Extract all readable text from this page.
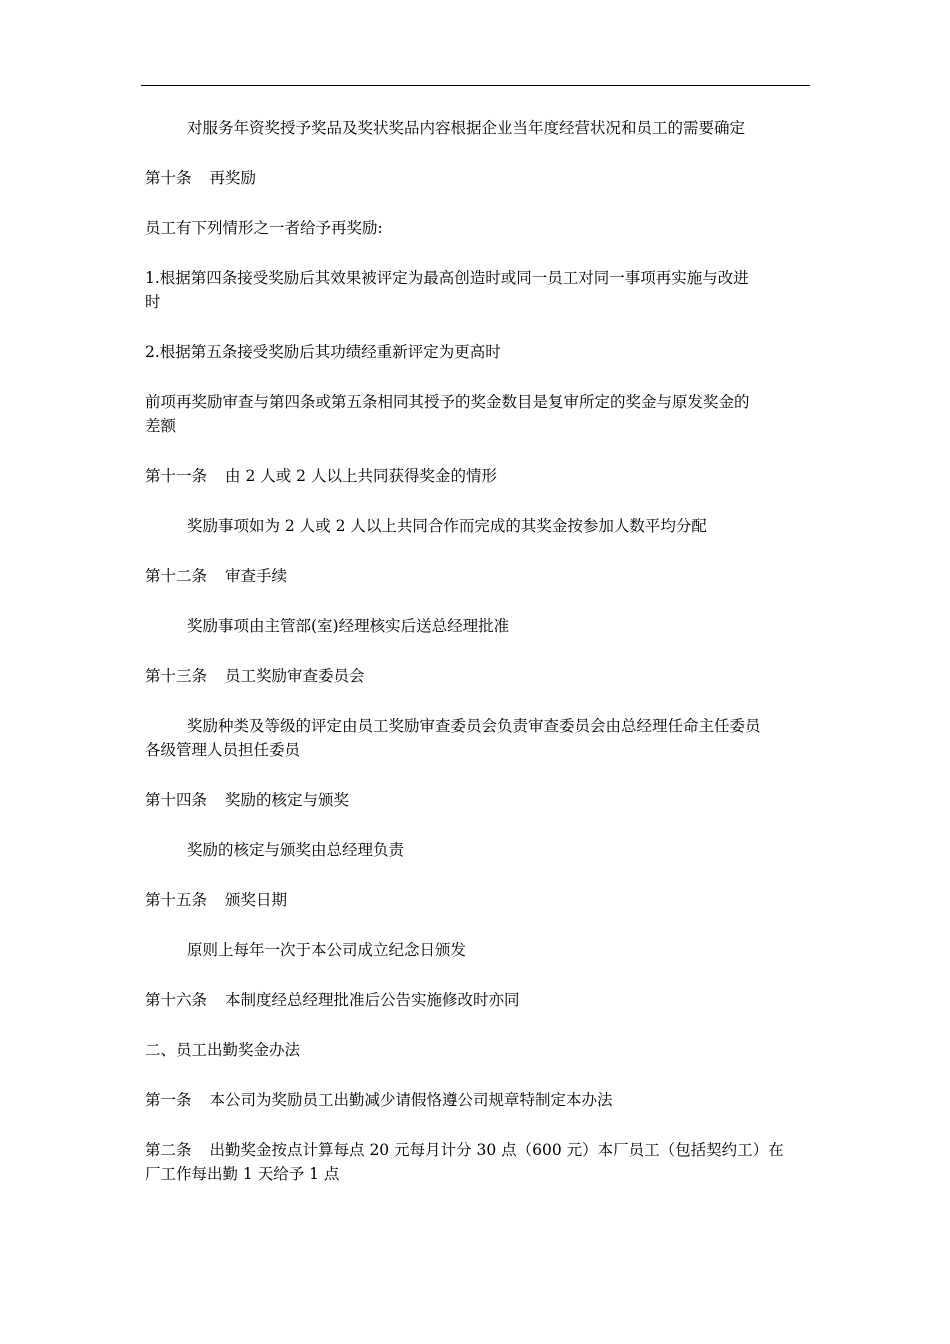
对服务年资奖授予奖品及奖状奖品内容根据企业当年度经营状况和员工的需要确定
第十条 再奖励
员工有下列情形之一者给予再奖励:
1.根据第四条接受奖励后其效果被评定为最高创造时或同一员工对同一事项再实施与改进
时
2.根据第五条接受奖励后其功绩经重新评定为更高时
前项再奖励审查与第四条或第五条相同其授予的奖金数目是复审所定的奖金与原发奖金的
差额
第十一条 由 2 人或 2 人以上共同获得奖金的情形
奖励事项如为 2 人或 2 人以上共同合作而完成的其奖金按参加人数平均分配
第十二条 审查手续
奖励事项由主管部(室)经理核实后送总经理批准
第十三条 员工奖励审查委员会
奖励种类及等级的评定由员工奖励审查委员会负责审查委员会由总经理任命主任委员
各级管理人员担任委员
第十四条 奖励的核定与颁奖
奖励的核定与颁奖由总经理负责
第十五条 颁奖日期
原则上每年一次于本公司成立纪念日颁发
第十六条 本制度经总经理批准后公告实施修改时亦同
二、员工出勤奖金办法
第一条 本公司为奖励员工出勤减少请假恪遵公司规章特制定本办法
第二条 出勤奖金按点计算每点 20 元每月计分 30 点（600 元）本厂员工（包括契约工）在
厂工作每出勤 1 天给予 1 点
